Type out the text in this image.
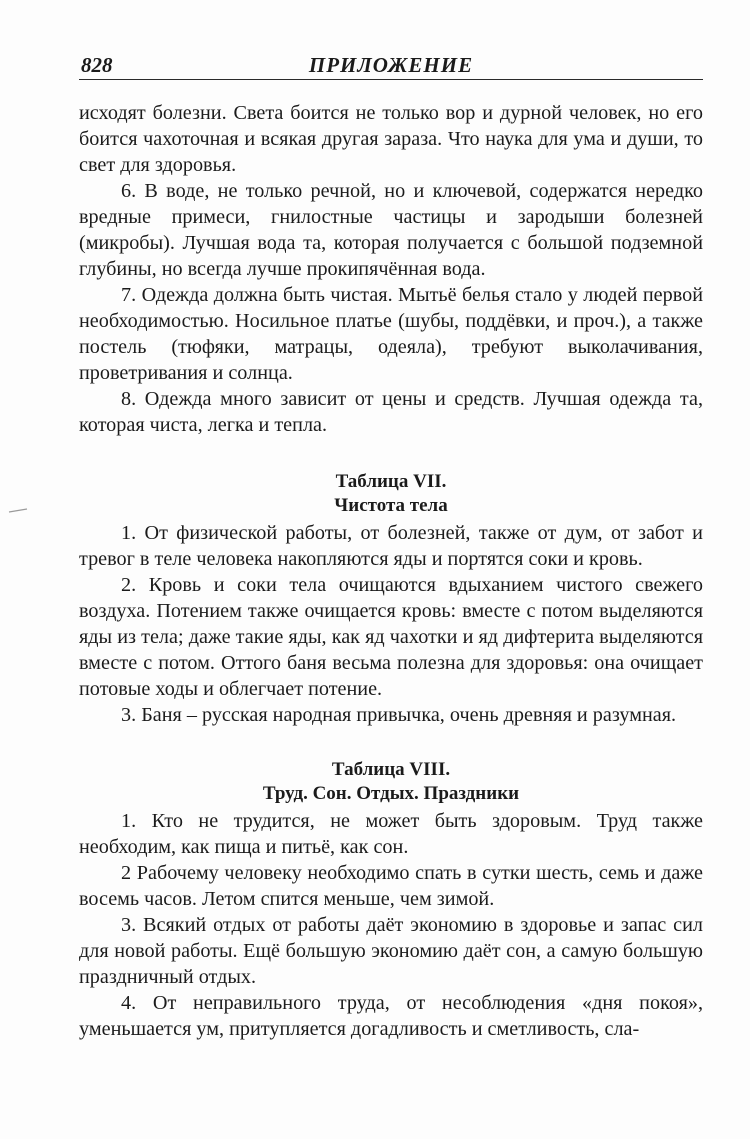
828	ПРИЛОЖЕНИЕ

исходят болезни. Света боится не только вор и дурной человек, но его боится чахоточная и всякая другая зараза. Что наука для ума и души, то свет для здоровья.

6. В воде, не только речной, но и ключевой, содержатся нередко вредные примеси, гнилостные частицы и зародыши болезней (микробы). Лучшая вода та, которая получается с большой подземной глубины, но всегда лучше прокипячённая вода.

7. Одежда должна быть чистая. Мытьё белья стало у людей первой необходимостью. Носильное платье (шубы, поддёвки, и проч.), а также постель (тюфяки, матрацы, одеяла), требуют выколачивания, проветривания и солнца.

8. Одежда много зависит от цены и средств. Лучшая одежда та, которая чиста, легка и тепла.

Таблица VII.
Чистота тела

1. От физической работы, от болезней, также от дум, от забот и тревог в теле человека накопляются яды и портятся соки и кровь.

2. Кровь и соки тела очищаются вдыханием чистого свежего воздуха. Потением также очищается кровь: вместе с потом выделяются яды из тела; даже такие яды, как яд чахотки и яд дифтерита выделяются вместе с потом. Оттого баня весьма полезна для здоровья: она очищает потовые ходы и облегчает потение.

3. Баня – русская народная привычка, очень древняя и разумная.

Таблица VIII.
Труд. Сон. Отдых. Праздники

1. Кто не трудится, не может быть здоровым. Труд также необходим, как пища и питьё, как сон.

2 Рабочему человеку необходимо спать в сутки шесть, семь и даже восемь часов. Летом спится меньше, чем зимой.

3. Всякий отдых от работы даёт экономию в здоровье и запас сил для новой работы. Ещё большую экономию даёт сон, а самую большую праздничный отдых.

4. От неправильного труда, от несоблюдения «дня покоя», уменьшается ум, притупляется догадливость и сметливость, сла-
